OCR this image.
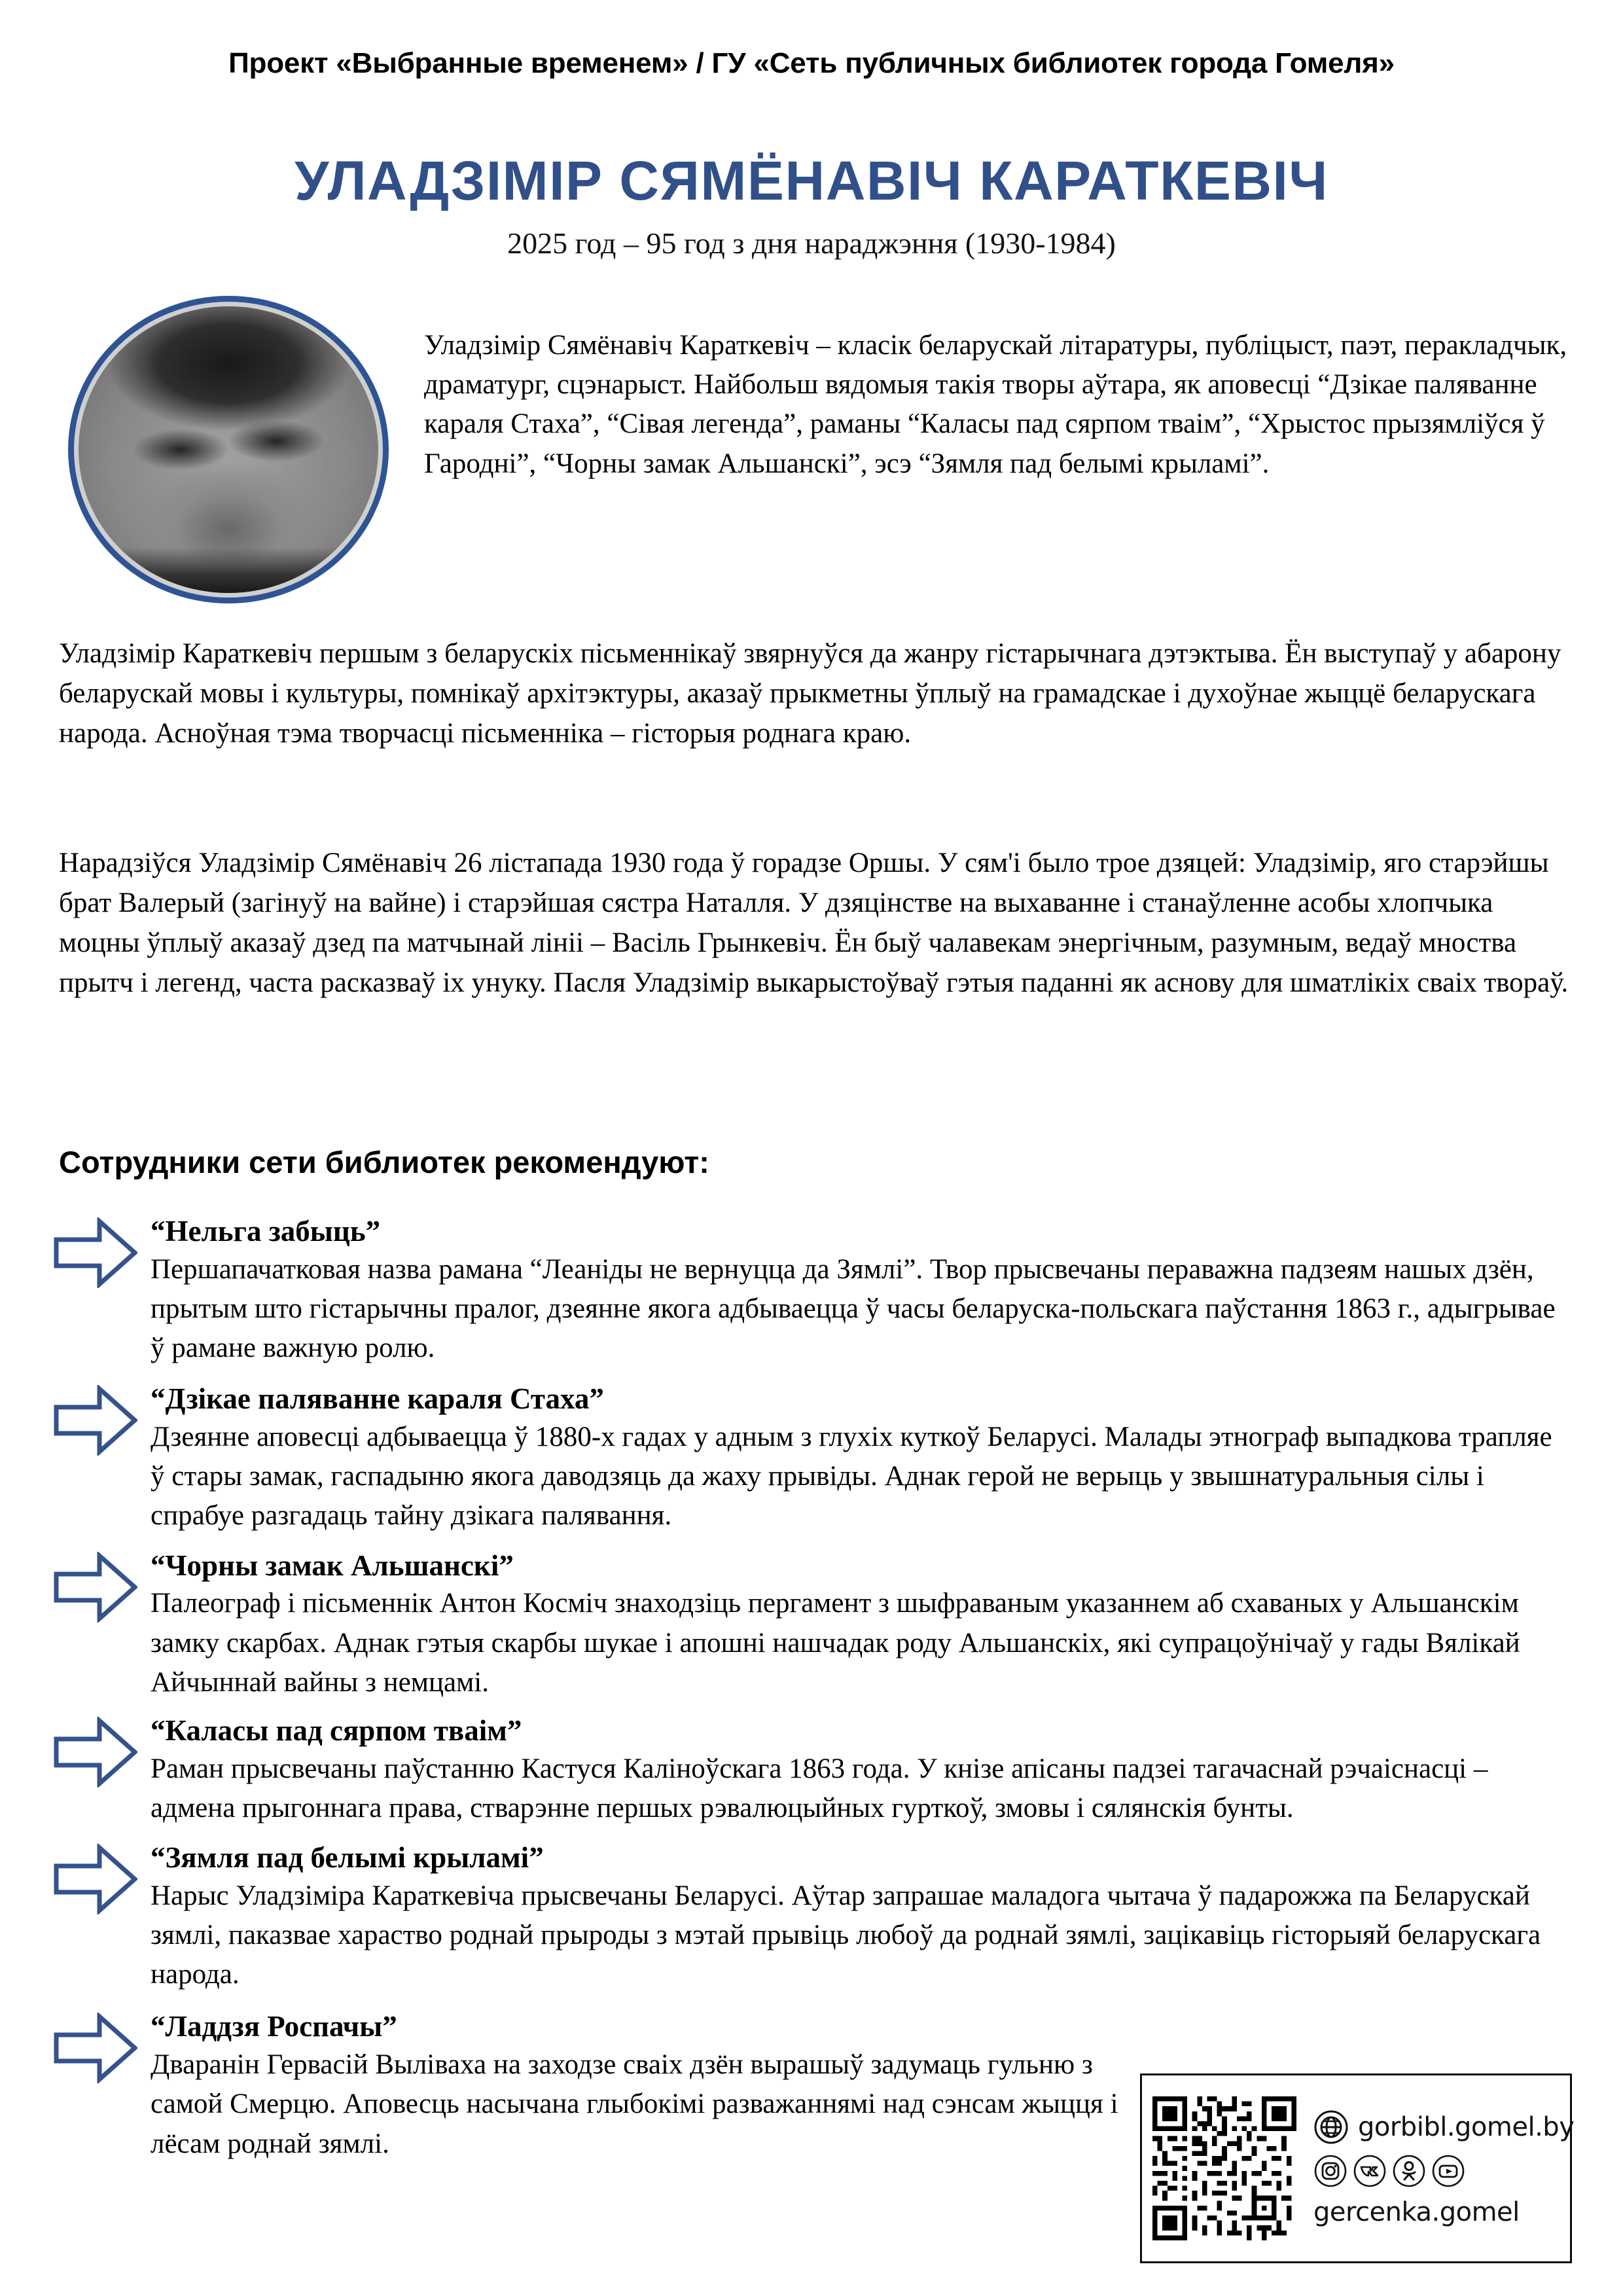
Проект «Выбранные временем» / ГУ «Сеть публичных библиотек города Гомеля»
УЛАДЗІМІР СЯМЁНАВІЧ КАРАТКЕВІЧ
2025 год – 95 год з дня нараджэння (1930-1984)
Уладзімір Сямёнавіч Караткевіч – класік беларускай літаратуры, публіцыст, паэт, перакладчык, драматург, сцэнарыст. Найбольш вядомыя такія творы аўтара, як аповесці “Дзікае паляванне караля Стаха”, “Сівая легенда”, раманы “Каласы пад сярпом тваім”, “Хрыстос прызямліўся ў Гародні”, “Чорны замак Альшанскі”, эсэ “Зямля пад белымі крыламі”.
Уладзімір Караткевіч першым з беларускіх пісьменнікаў звярнуўся да жанру гістарычнага дэтэктыва. Ён выступаў у абарону беларускай мовы і культуры, помнікаў архітэктуры, аказаў прыкметны ўплыў на грамадскае і духоўнае жыццё беларускага народа. Асноўная тэма творчасці пісьменніка – гісторыя роднага краю.
Нарадзіўся Уладзімір Сямёнавіч 26 лістапада 1930 года ў горадзе Оршы. У сям'і было трое дзяцей: Уладзімір, яго старэйшы брат Валерый (загінуў на вайне) і старэйшая сястра Наталля. У дзяцінстве на выхаванне і станаўленне асобы хлопчыка моцны ўплыў аказаў дзед па матчынай лініі – Васіль Грынкевіч. Ён быў чалавекам энергічным, разумным, ведаў мноства прытч і легенд, часта расказваў іх унуку. Пасля Уладзімір выкарыстоўваў гэтыя паданні як аснову для шматлікіх сваіх твораў.
Сотрудники сети библиотек рекомендуют:
“Нельга забыць”
Першапачатковая назва рамана “Леаніды не вернуцца да Зямлі”. Твор прысвечаны пераважна падзеям нашых дзён, прытым што гістарычны пралог, дзеянне якога адбываецца ў часы беларуска-польскага паўстання 1863 г., адыгрывае ў рамане важную ролю.
“Дзікае паляванне караля Стаха”
Дзеянне аповесці адбываецца ў 1880-х гадах у адным з глухіх куткоў Беларусі. Малады этнограф выпадкова трапляе ў стары замак, гаспадыню якога даводзяць да жаху прывіды. Аднак герой не верыць у звышнатуральныя сілы і спрабуе разгадаць тайну дзікага палявання.
“Чорны замак Альшанскі”
Палеограф і пісьменнік Антон Косміч знаходзіць пергамент з шыфраваным указаннем аб схаваных у Альшанскім замку скарбах. Аднак гэтыя скарбы шукае і апошні нашчадак роду Альшанскіх, які супрацоўнічаў у гады Вялікай Айчыннай вайны з немцамі.
“Каласы пад сярпом тваім”
Раман прысвечаны паўстанню Кастуся Каліноўскага 1863 года. У кнізе апісаны падзеі тагачаснай рэчаіснасці – адмена прыгоннага права, стварэнне першых рэвалюцыйных гурткоў, змовы і сялянскія бунты.
“Зямля пад белымі крыламі”
Нарыс Уладзіміра Караткевіча прысвечаны Беларусі. Аўтар запрашае маладога чытача ў падарожжа па Беларускай зямлі, паказвае хараство роднай прыроды з мэтай прывіць любоў да роднай зямлі, зацікавіць гісторыяй беларускага народа.
“Ладдзя Роспачы”
Дваранін Гервасій Выліваха на заходзе сваіх дзён вырашыў задумаць гульню з самой Смерцю. Аповесць насычана глыбокімі разважаннямі над сэнсам жыцця і лёсам роднай зямлі.
gorbibl.gomel.by
gercenka.gomel
